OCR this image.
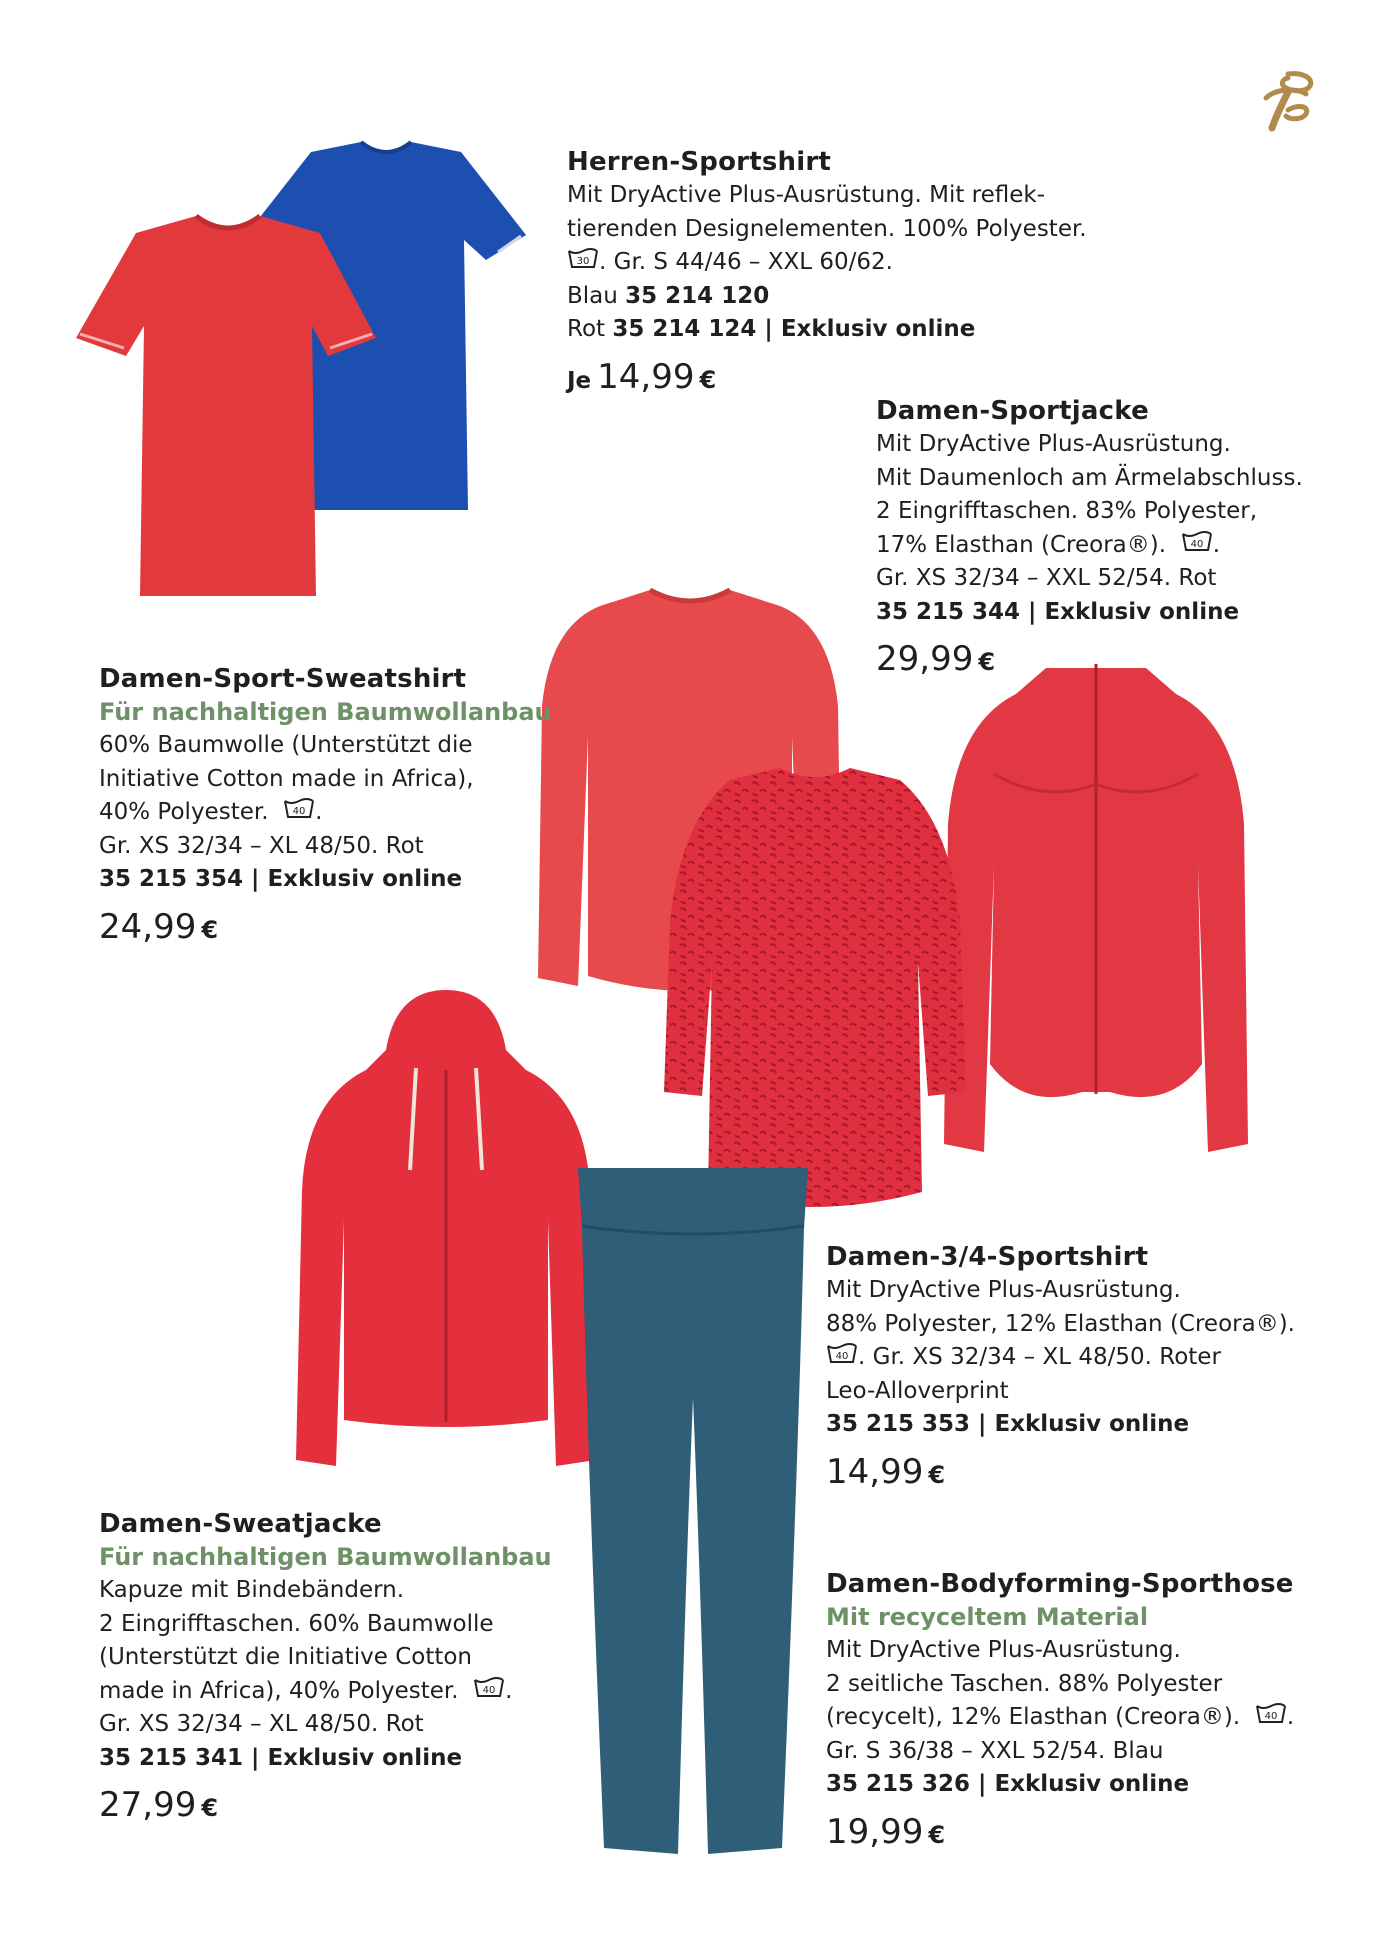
Herren-Sportshirt
Mit DryActive Plus-Ausrüstung. Mit reflek-
tierenden Designelementen. 100% Polyester.
30 . Gr. S 44/46 – XXL 60/62.
Blau 35 214 120
Rot 35 214 124 | Exklusiv online
Je 14,99 €
Damen-Sportjacke
Mit DryActive Plus-Ausrüstung.
Mit Daumenloch am Ärmelabschluss.
2 Eingrifftaschen. 83% Polyester,
17% Elasthan (Creora®). 40 .
Gr. XS 32/34 – XXL 52/54. Rot
35 215 344 | Exklusiv online
29,99 €
Damen-Sport-Sweatshirt
Für nachhaltigen Baumwollanbau
60% Baumwolle (Unterstützt die
Initiative Cotton made in Africa),
40% Polyester. 40 .
Gr. XS 32/34 – XL 48/50. Rot
35 215 354 | Exklusiv online
24,99 €
Damen-3/4-Sportshirt
Mit DryActive Plus-Ausrüstung.
88% Polyester, 12% Elasthan (Creora®).
40 . Gr. XS 32/34 – XL 48/50. Roter
Leo-Alloverprint
35 215 353 | Exklusiv online
14,99 €
Damen-Sweatjacke
Für nachhaltigen Baumwollanbau
Kapuze mit Bindebändern.
2 Eingrifftaschen. 60% Baumwolle
(Unterstützt die Initiative Cotton
made in Africa), 40% Polyester. 40 .
Gr. XS 32/34 – XL 48/50. Rot
35 215 341 | Exklusiv online
27,99 €
Damen-Bodyforming-Sporthose
Mit recyceltem Material
Mit DryActive Plus-Ausrüstung.
2 seitliche Taschen. 88% Polyester
(recycelt), 12% Elasthan (Creora®). 40 .
Gr. S 36/38 – XXL 52/54. Blau
35 215 326 | Exklusiv online
19,99 €
